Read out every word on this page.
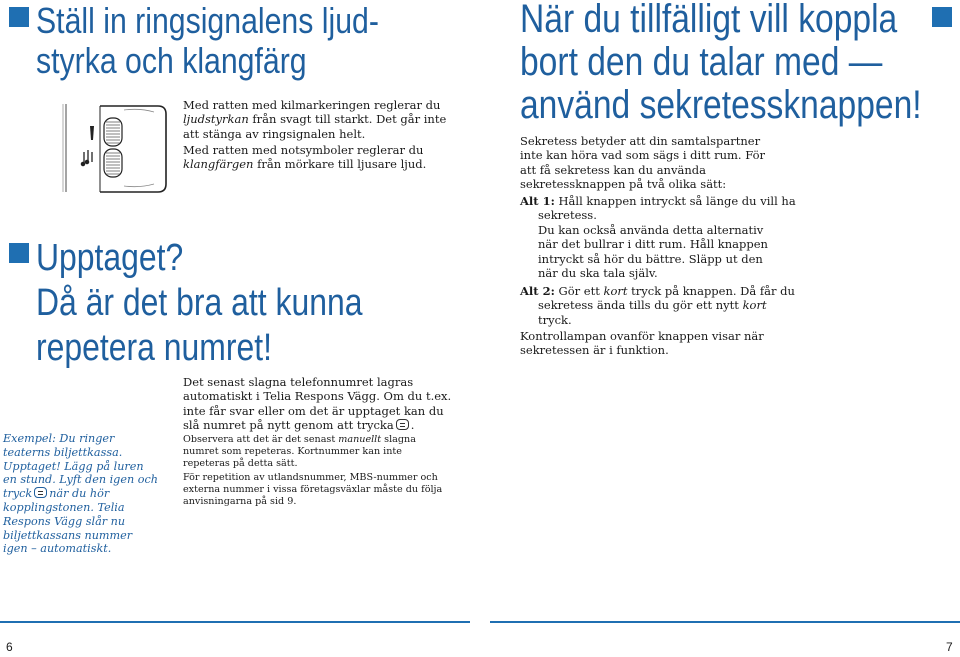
Ställ in ringsignalens ljud-
styrka och klangfärg

Med ratten med kilmarkeringen reglerar du ljudstyrkan från svagt till starkt. Det går inte att stänga av ringsignalen helt.

Med ratten med notsymboler reglerar du klangfärgen från mörkare till ljusare ljud.

Upptaget?
Då är det bra att kunna
repetera numret!

Det senast slagna telefonnumret lagras automatiskt i Telia Respons Vägg. Om du t.ex. inte får svar eller om det är upptaget kan du slå numret på nytt genom att trycka .

Observera att det är det senast manuellt slagna numret som repeteras. Kortnummer kan inte repeteras på detta sätt.

För repetition av utlandsnummer, MBS-nummer och externa nummer i vissa företagsväxlar måste du följa anvisningarna på sid 9.

Exempel: Du ringer teaterns biljettkassa. Upptaget! Lägg på luren en stund. Lyft den igen och tryck när du hör kopplingstonen. Telia Respons Vägg slår nu biljettkassans nummer igen – automatiskt.

6
När du tillfälligt vill koppla
bort den du talar med —
använd sekretessknappen!

Sekretess betyder att din samtalspartner inte kan höra vad som sägs i ditt rum. För att få sekretess kan du använda sekretessknappen på två olika sätt:

Alt 1: Håll knappen intryckt så länge du vill ha sekretess.

Du kan också använda detta alternativ när det bullrar i ditt rum. Håll knappen intryckt så hör du bättre. Släpp ut den när du ska tala själv.

Alt 2: Gör ett kort tryck på knappen. Då får du sekretess ända tills du gör ett nytt kort tryck.

Kontrollampan ovanför knappen visar när sekretessen är i funktion.

7
